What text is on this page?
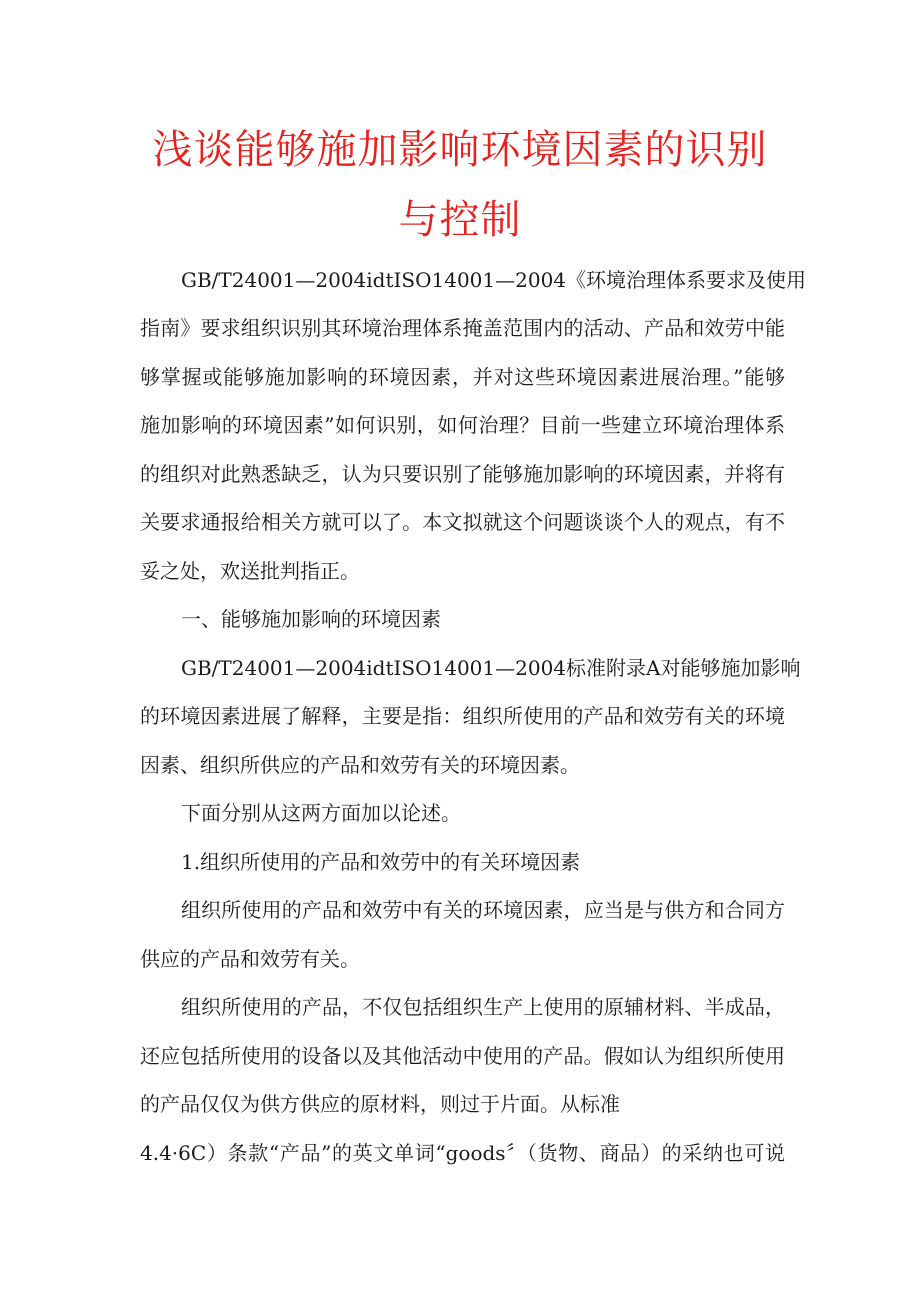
浅谈能够施加影响环境因素的识别
与控制
GB/T24001—2004idtISO14001—2004《环境治理体系要求及使用
指南》要求组织识别其环境治理体系掩盖范围内的活动、产品和效劳中能
够掌握或能够施加影响的环境因素，并对这些环境因素进展治理。”能够
施加影响的环境因素”如何识别，如何治理？目前一些建立环境治理体系
的组织对此熟悉缺乏，认为只要识别了能够施加影响的环境因素，并将有
关要求通报给相关方就可以了。本文拟就这个问题谈谈个人的观点，有不
妥之处，欢送批判指正。
一、能够施加影响的环境因素
GB/T24001—2004idtISO14001—2004标准附录A对能够施加影响
的环境因素进展了解释，主要是指：组织所使用的产品和效劳有关的环境
因素、组织所供应的产品和效劳有关的环境因素。
下面分别从这两方面加以论述。
1.组织所使用的产品和效劳中的有关环境因素
组织所使用的产品和效劳中有关的环境因素，应当是与供方和合同方
供应的产品和效劳有关。
组织所使用的产品，不仅包括组织生产上使用的原辅材料、半成品，
还应包括所使用的设备以及其他活动中使用的产品。假如认为组织所使用
的产品仅仅为供方供应的原材料，则过于片面。从标准
4.4·6C）条款“产品”的英文单词“goods〞（货物、商品）的采纳也可说
